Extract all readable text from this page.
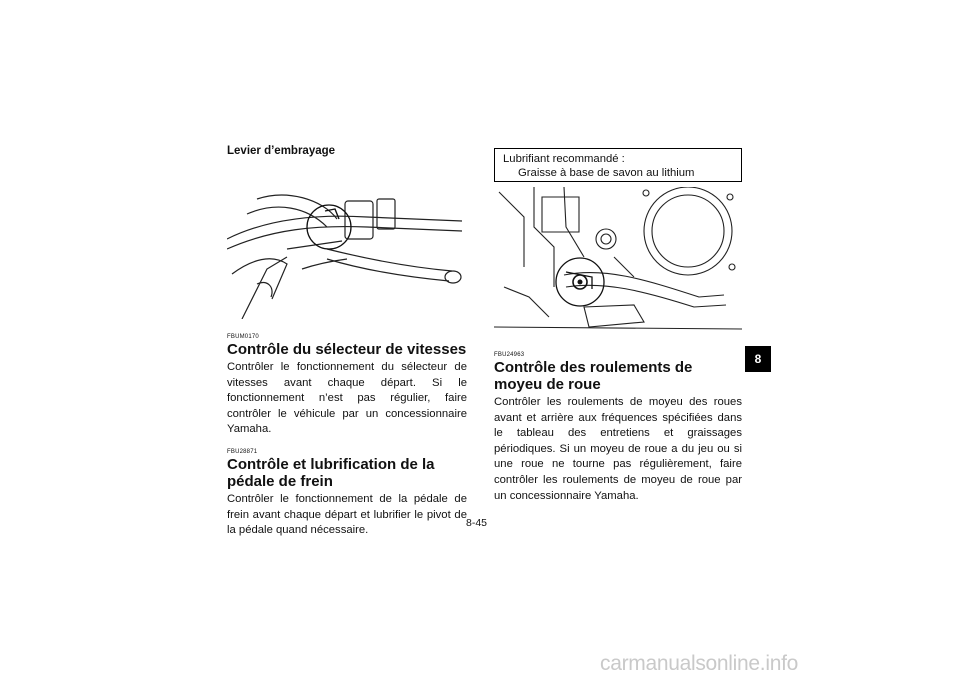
Levier d’embrayage

FBUM0170

Contrôle du sélecteur de vitesses

Contrôler le fonctionnement du sélecteur de vitesses avant chaque départ. Si le fonctionnement n’est pas régulier, faire contrôler le véhicule par un concessionnaire Yamaha.

FBU28871

Contrôle et lubrification de la pédale de frein

Contrôler le fonctionnement de la pédale de frein avant chaque départ et lubrifier le pivot de la pédale quand nécessaire.

Lubrifiant recommandé :
Graisse à base de savon au lithium

FBU24963

Contrôle des roulements de moyeu de roue

Contrôler les roulements de moyeu des roues avant et arrière aux fréquences spécifiées dans le tableau des entretiens et graissages périodiques. Si un moyeu de roue a du jeu ou si une roue ne tourne pas régulièrement, faire contrôler les roulements de moyeu de roue par un concessionnaire Yamaha.

8
8-45
carmanualsonline.info
